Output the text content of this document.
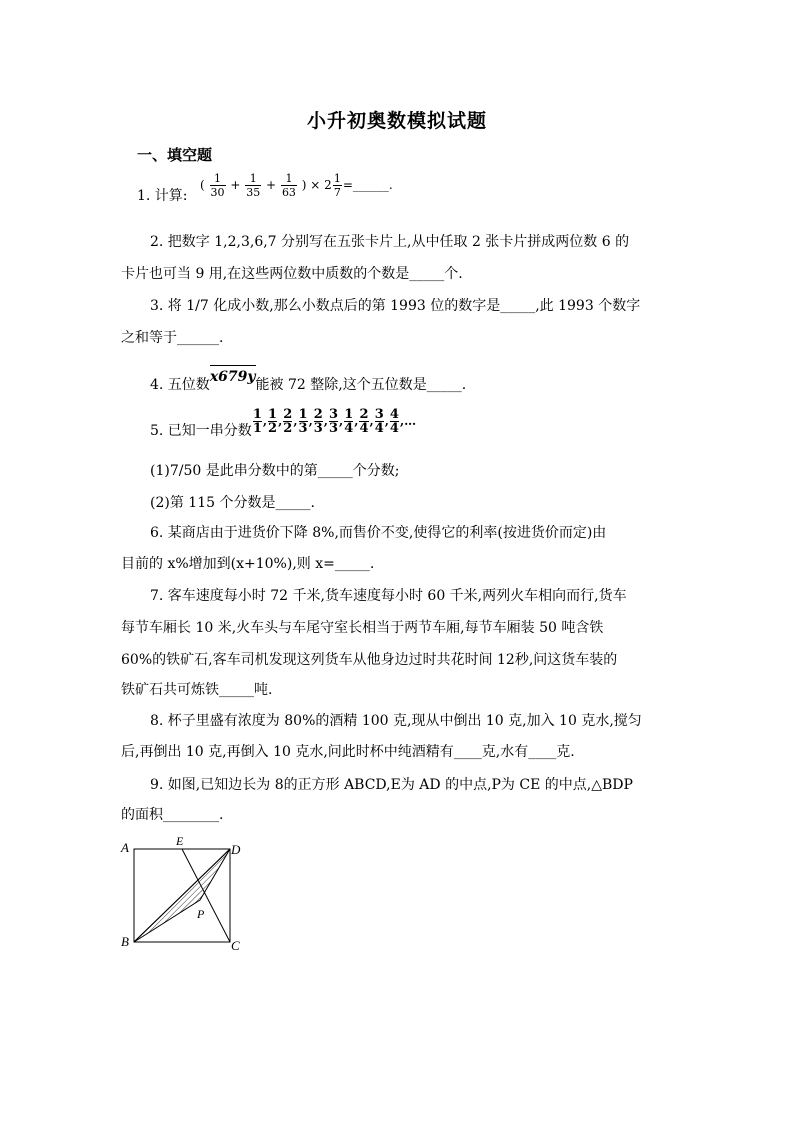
小升初奥数模拟试题
一、填空题
1. 计算: ( $\frac{1}{30} + \frac{1}{35} + \frac{1}{63}$ ) × $2 \frac{1}{7}$ =______.
2. 把数字 1,2,3,6,7 分别写在五张卡片上,从中任取 2 张卡片拼成两位数 6 的
卡片也可当 9 用,在这些两位数中质数的个数是_____个.
3. 将 1/7 化成小数,那么小数点后的第 1993 位的数字是_____,此 1993 个数字
之和等于______.
4. 五位数x679y能被 72 整除,这个五位数是_____.
5. 已知一串分数 $\frac{1}{1}$ , $\frac{1}{2}$ , $\frac{2}{2}$ , $\frac{1}{3}$ , $\frac{2}{3}$ , $\frac{3}{3}$ , $\frac{1}{4}$ , $\frac{2}{4}$ , $\frac{3}{4}$ , $\frac{4}{4}$ ,…
(1)7/50 是此串分数中的第_____个分数;
(2)第 115 个分数是_____.
6. 某商店由于进货价下降 8%,而售价不变,使得它的利率(按进货价而定)由
目前的 x%增加到(x+10%),则 x=_____.
7. 客车速度每小时 72 千米,货车速度每小时 60 千米,两列火车相向而行,货车
每节车厢长 10 米,火车头与车尾守室长相当于两节车厢,每节车厢装 50 吨含铁
60%的铁矿石,客车司机发现这列货车从他身边过时共花时间 12秒,问这货车装的
铁矿石共可炼铁_____吨.
8. 杯子里盛有浓度为 80%的酒精 100 克,现从中倒出 10 克,加入 10 克水,搅匀
后,再倒出 10 克,再倒入 10 克水,问此时杯中纯酒精有____克,水有____克.
9. 如图,已知边长为 8的正方形 ABCD,E为 AD 的中点,P为 CE 的中点,△BDP
的面积________.
A
B	C
D
E
P
